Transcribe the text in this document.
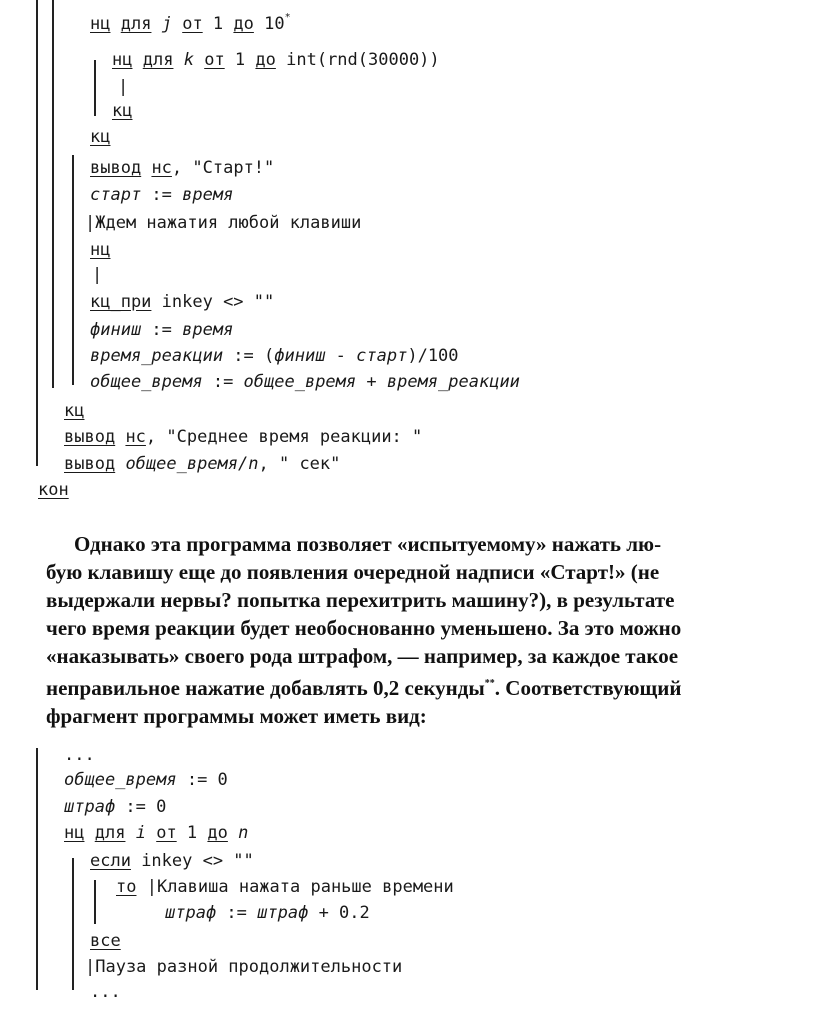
нц для j от 1 до 10*
нц для k от 1 до int(rnd(30000))
|
кц
кц
вывод нс, "Старт!"
старт := время
|Ждем нажатия любой клавиши
нц
|
кц_при inkey <> ""
финиш := время
время_реакции := (финиш - старт)/100
общее_время := общее_время + время_реакции
кц
вывод нс, "Среднее время реакции: "
вывод общее_время/n, " сек"
кон

Однако эта программа позволяет «испытуемому» нажать лю-

бую клавишу еще до появления очередной надписи «Старт!» (не

выдержали нервы? попытка перехитрить машину?), в результате

чего время реакции будет необоснованно уменьшено. За это можно

«наказывать» своего рода штрафом, — например, за каждое такое

неправильное нажатие добавлять 0,2 секунды**. Соответствующий

фрагмент программы может иметь вид:

...
общее_время := 0
штраф := 0
нц для i от 1 до n
если inkey <> ""
то |Клавиша нажата раньше времени
штраф := штраф + 0.2
все
|Пауза разной продолжительности
...
